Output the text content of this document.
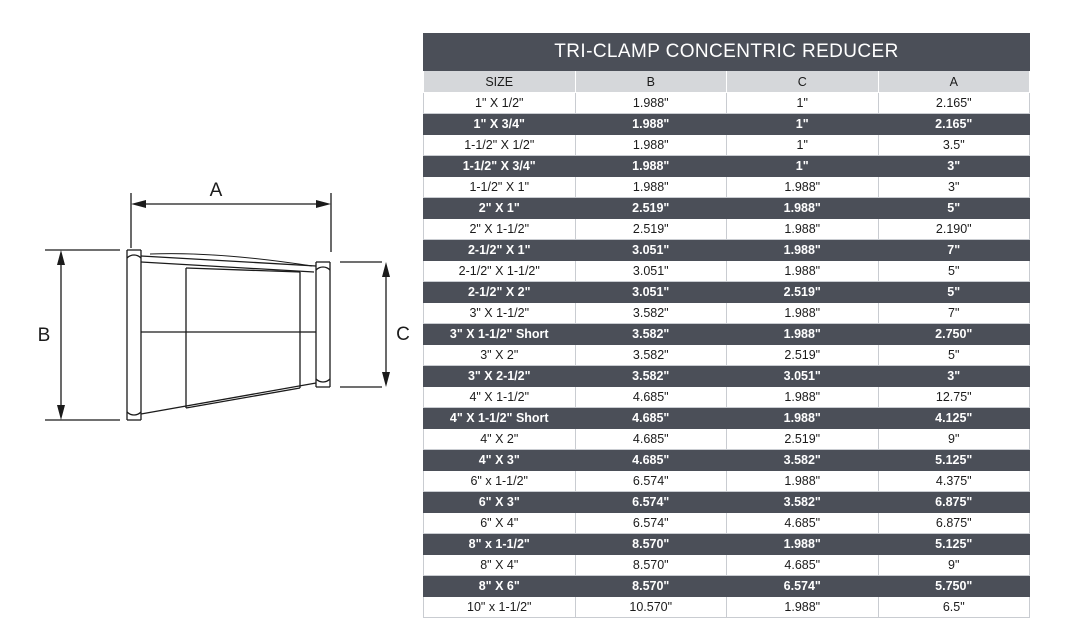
A
B	C
TRI-CLAMP CONCENTRIC REDUCER			
SIZE	B	C	A
1" X 1/2"	1.988"	1"	2.165"
1" X 3/4"	1.988"	1"	2.165"
1-1/2" X 1/2"	1.988"	1"	3.5"
1-1/2" X 3/4"	1.988"	1"	3"
1-1/2" X 1"	1.988"	1.988"	3"
2" X 1"	2.519"	1.988"	5"
2" X 1-1/2"	2.519"	1.988"	2.190"
2-1/2" X 1"	3.051"	1.988"	7"
2-1/2" X 1-1/2"	3.051"	1.988"	5"
2-1/2" X 2"	3.051"	2.519"	5"
3" X 1-1/2"	3.582"	1.988"	7"
3" X 1-1/2" Short	3.582"	1.988"	2.750"
3" X 2"	3.582"	2.519"	5"
3" X 2-1/2"	3.582"	3.051"	3"
4" X 1-1/2"	4.685"	1.988"	12.75"
4" X 1-1/2" Short	4.685"	1.988"	4.125"
4" X 2"	4.685"	2.519"	9"
4" X 3"	4.685"	3.582"	5.125"
6" x 1-1/2"	6.574"	1.988"	4.375"
6" X 3"	6.574"	3.582"	6.875"
6" X 4"	6.574"	4.685"	6.875"
8" x 1-1/2"	8.570"	1.988"	5.125"
8" X 4"	8.570"	4.685"	9"
8" X 6"	8.570"	6.574"	5.750"
10" x 1-1/2"	10.570"	1.988"	6.5"
